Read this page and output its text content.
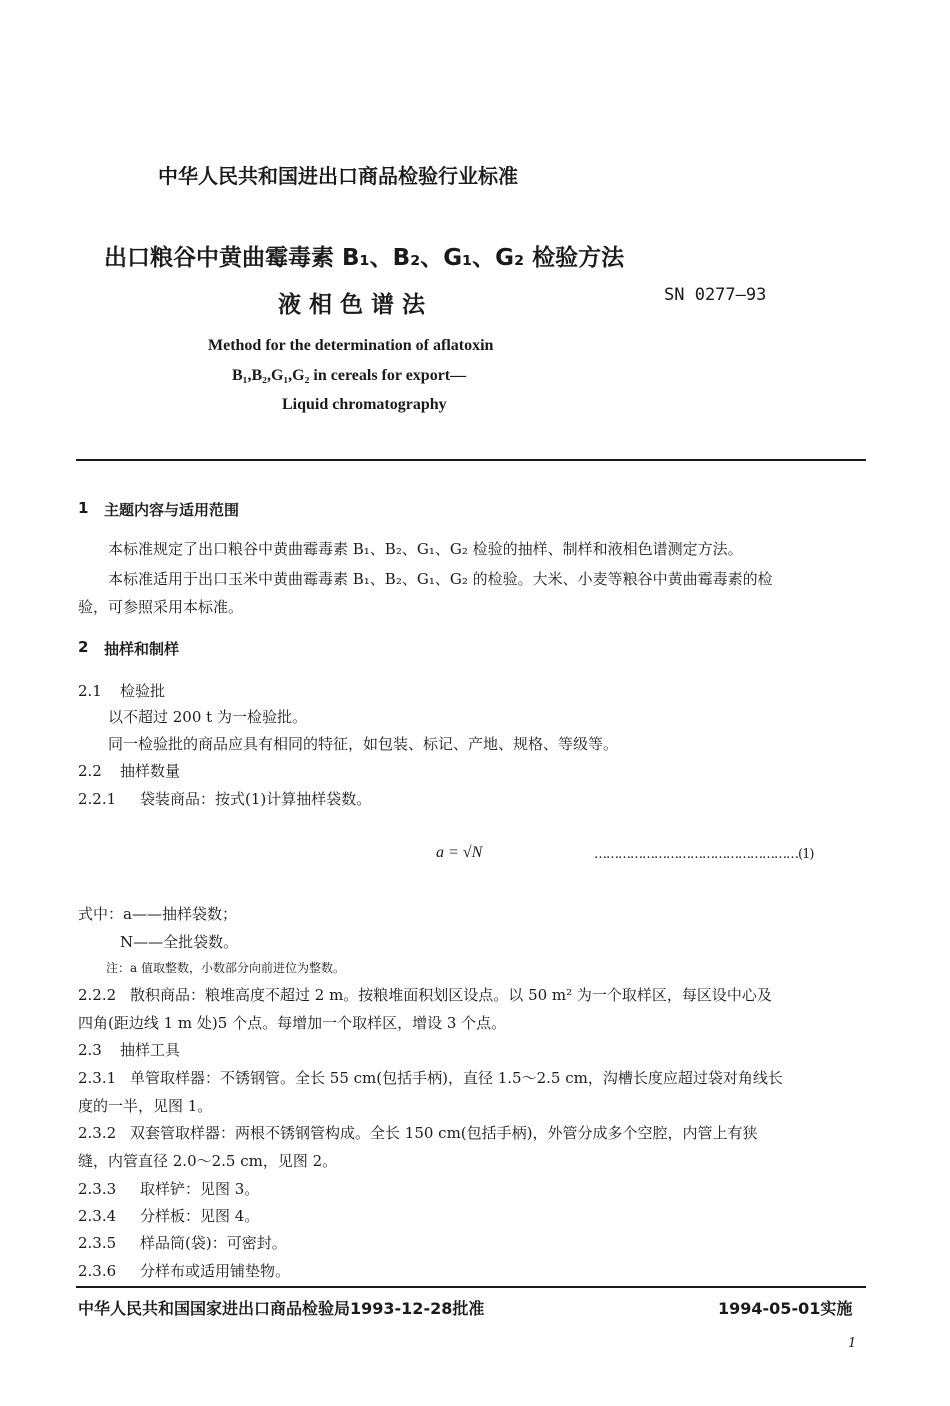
中华人民共和国进出口商品检验行业标准
出口粮谷中黄曲霉毒素 B₁、B₂、G₁、G₂ 检验方法
液 相 色 谱 法	SN 0277—93
Method for the determination of aflatoxin
B₁,B₂,G₁,G₂ in cereals for export—
Liquid chromatography
1 主题内容与适用范围
本标准规定了出口粮谷中黄曲霉毒素 B₁、B₂、G₁、G₂ 检验的抽样、制样和液相色谱测定方法。
本标准适用于出口玉米中黄曲霉毒素 B₁、B₂、G₁、G₂ 的检验。大米、小麦等粮谷中黄曲霉毒素的检
验，可参照采用本标准。
2 抽样和制样
2.1 检验批
以不超过 200 t 为一检验批。
同一检验批的商品应具有相同的特征，如包装、标记、产地、规格、等级等。
2.2 抽样数量
2.2.1 袋装商品：按式(1)计算抽样袋数。
a = √N	……………………………………………(1)
式中：a——抽样袋数；
N——全批袋数。
注：a 值取整数，小数部分向前进位为整数。
2.2.2 散积商品：粮堆高度不超过 2 m。按粮堆面积划区设点。以 50 m² 为一个取样区，每区设中心及
四角(距边线 1 m 处)5 个点。每增加一个取样区，增设 3 个点。
2.3 抽样工具
2.3.1 单管取样器：不锈钢管。全长 55 cm(包括手柄)，直径 1.5～2.5 cm，沟槽长度应超过袋对角线长
度的一半，见图 1。
2.3.2 双套管取样器：两根不锈钢管构成。全长 150 cm(包括手柄)，外管分成多个空腔，内管上有狭
缝，内管直径 2.0～2.5 cm，见图 2。
2.3.3 取样铲：见图 3。
2.3.4 分样板：见图 4。
2.3.5 样品筒(袋)：可密封。
2.3.6 分样布或适用铺垫物。
中华人民共和国国家进出口商品检验局1993-12-28批准	1994-05-01实施
1
